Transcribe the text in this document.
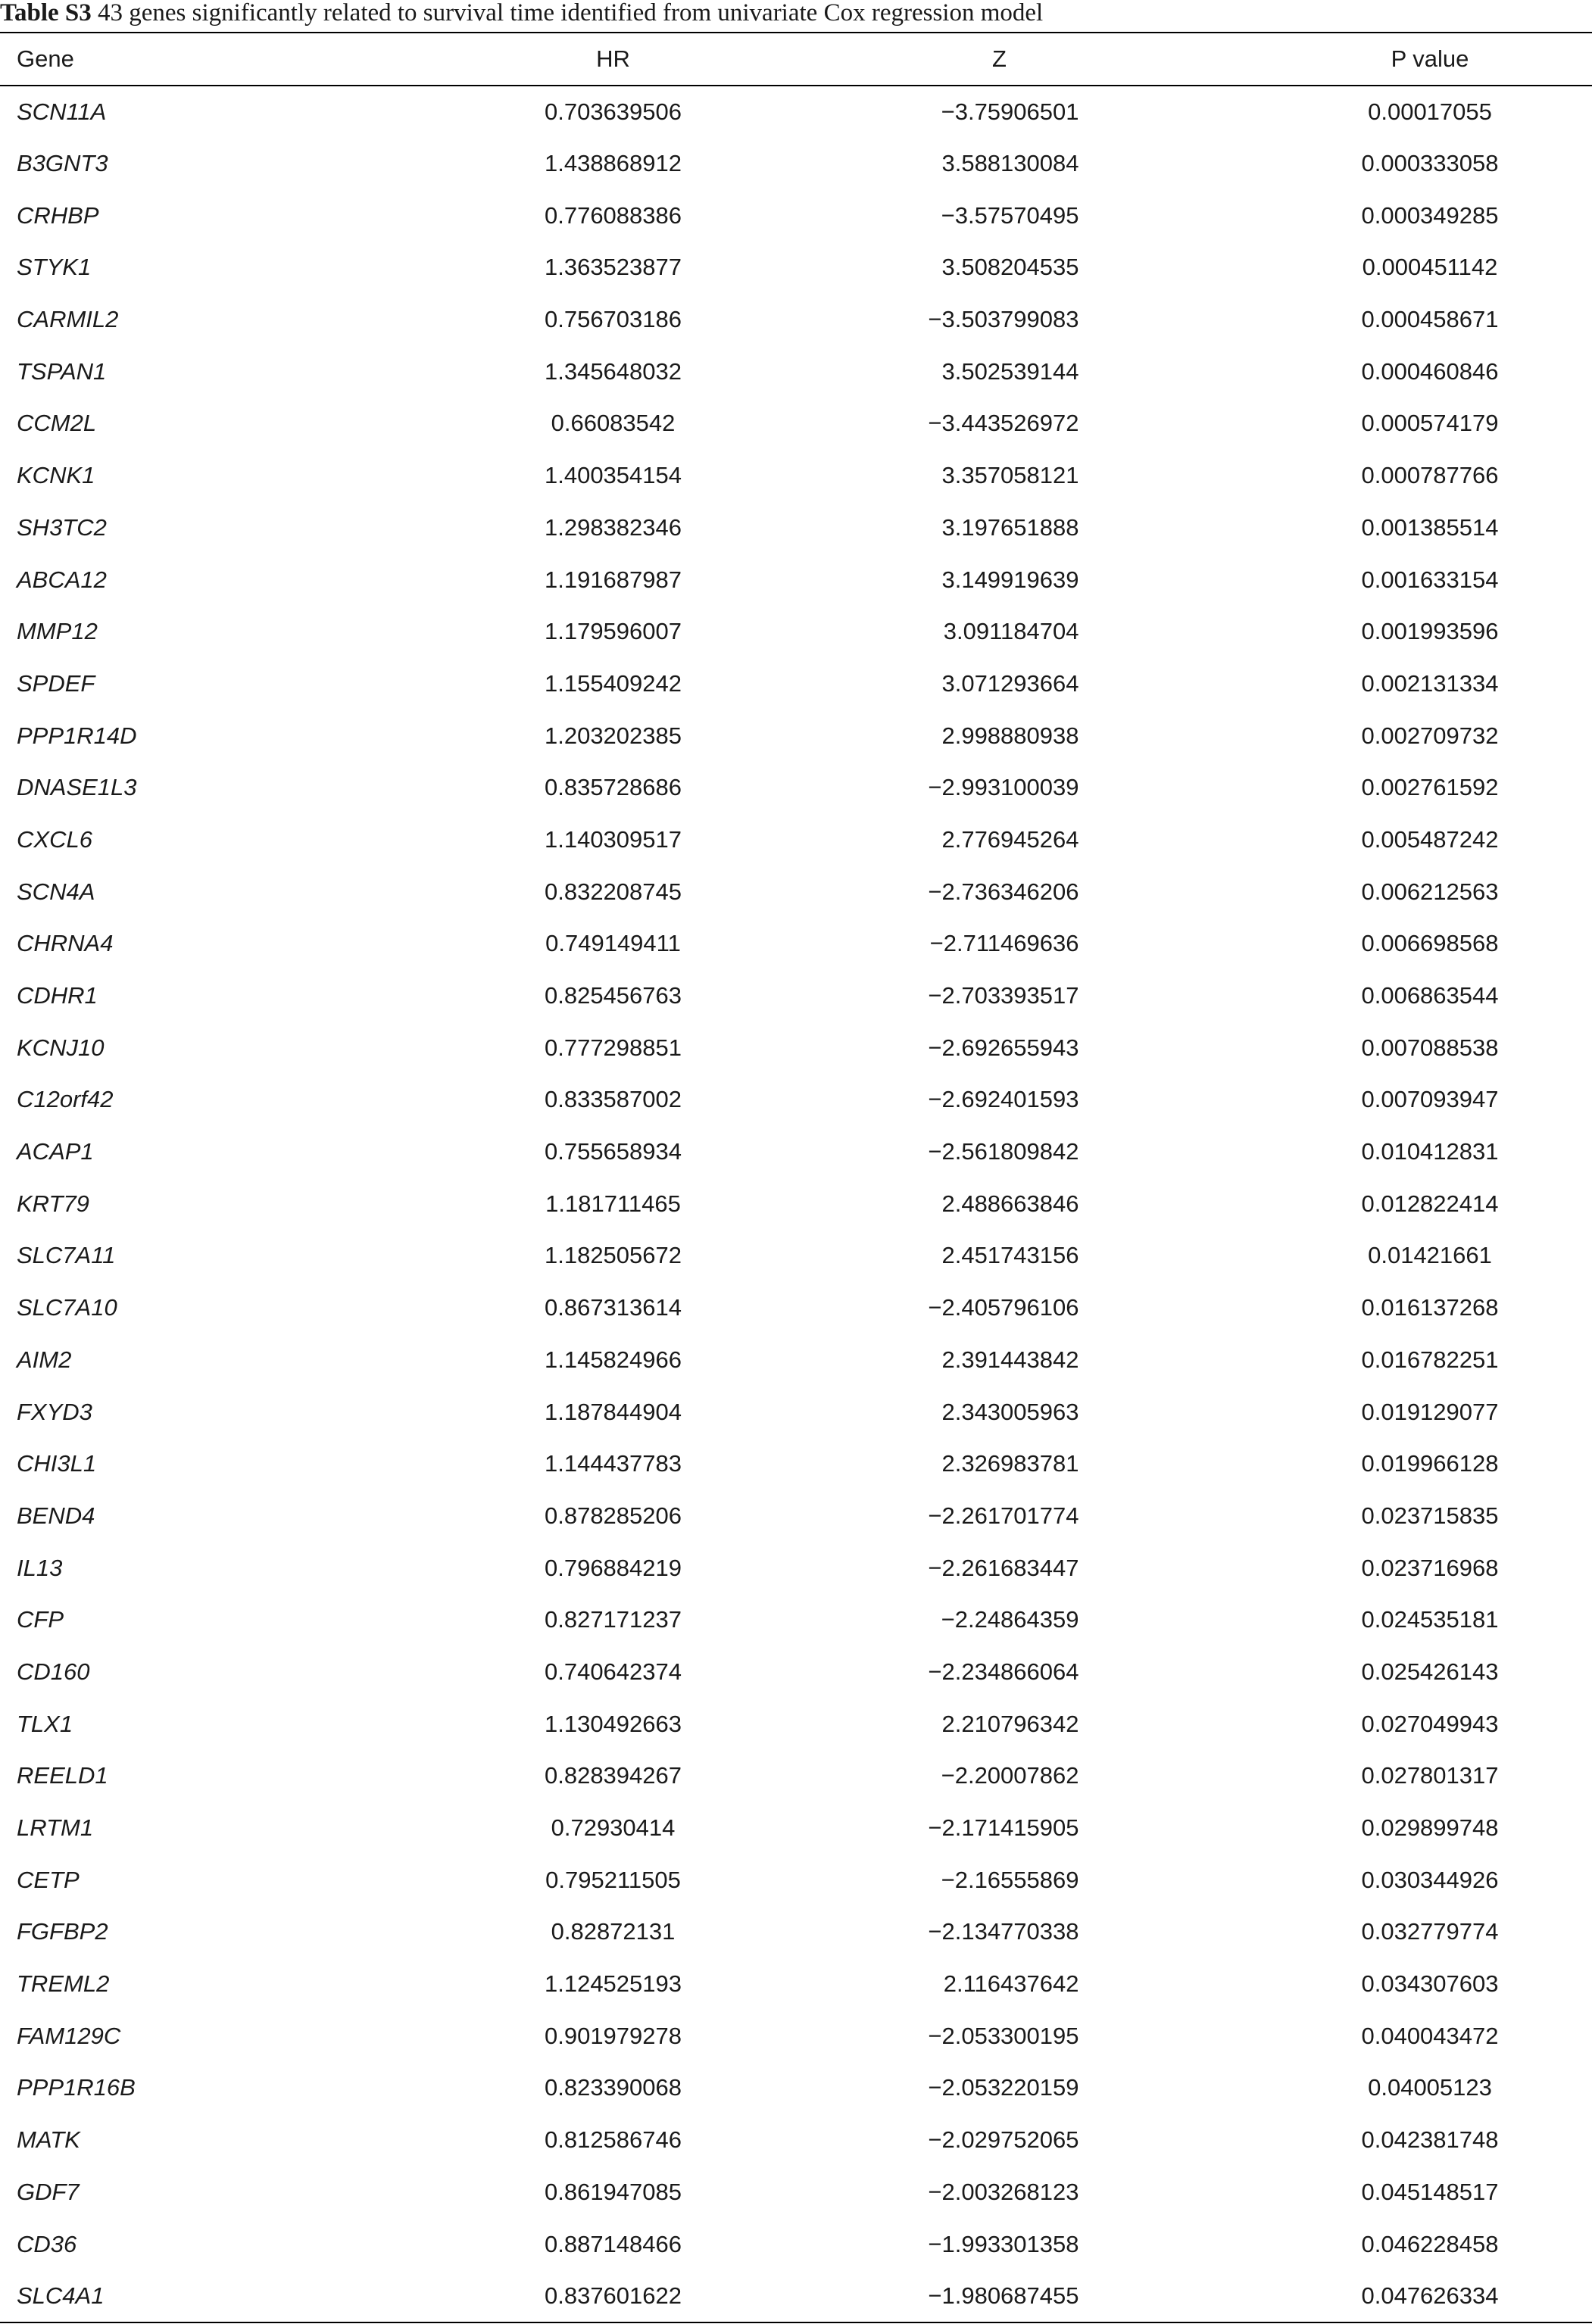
Table S3 43 genes significantly related to survival time identified from univariate Cox regression model
Gene	HR	Z	P value
SCN11A	0.703639506	−3.75906501	0.00017055
B3GNT3	1.438868912	3.588130084	0.000333058
CRHBP	0.776088386	−3.57570495	0.000349285
STYK1	1.363523877	3.508204535	0.000451142
CARMIL2	0.756703186	−3.503799083	0.000458671
TSPAN1	1.345648032	3.502539144	0.000460846
CCM2L	0.66083542	−3.443526972	0.000574179
KCNK1	1.400354154	3.357058121	0.000787766
SH3TC2	1.298382346	3.197651888	0.001385514
ABCA12	1.191687987	3.149919639	0.001633154
MMP12	1.179596007	3.091184704	0.001993596
SPDEF	1.155409242	3.071293664	0.002131334
PPP1R14D	1.203202385	2.998880938	0.002709732
DNASE1L3	0.835728686	−2.993100039	0.002761592
CXCL6	1.140309517	2.776945264	0.005487242
SCN4A	0.832208745	−2.736346206	0.006212563
CHRNA4	0.749149411	−2.711469636	0.006698568
CDHR1	0.825456763	−2.703393517	0.006863544
KCNJ10	0.777298851	−2.692655943	0.007088538
C12orf42	0.833587002	−2.692401593	0.007093947
ACAP1	0.755658934	−2.561809842	0.010412831
KRT79	1.181711465	2.488663846	0.012822414
SLC7A11	1.182505672	2.451743156	0.01421661
SLC7A10	0.867313614	−2.405796106	0.016137268
AIM2	1.145824966	2.391443842	0.016782251
FXYD3	1.187844904	2.343005963	0.019129077
CHI3L1	1.144437783	2.326983781	0.019966128
BEND4	0.878285206	−2.261701774	0.023715835
IL13	0.796884219	−2.261683447	0.023716968
CFP	0.827171237	−2.24864359	0.024535181
CD160	0.740642374	−2.234866064	0.025426143
TLX1	1.130492663	2.210796342	0.027049943
REELD1	0.828394267	−2.20007862	0.027801317
LRTM1	0.72930414	−2.171415905	0.029899748
CETP	0.795211505	−2.16555869	0.030344926
FGFBP2	0.82872131	−2.134770338	0.032779774
TREML2	1.124525193	2.116437642	0.034307603
FAM129C	0.901979278	−2.053300195	0.040043472
PPP1R16B	0.823390068	−2.053220159	0.04005123
MATK	0.812586746	−2.029752065	0.042381748
GDF7	0.861947085	−2.003268123	0.045148517
CD36	0.887148466	−1.993301358	0.046228458
SLC4A1	0.837601622	−1.980687455	0.047626334
